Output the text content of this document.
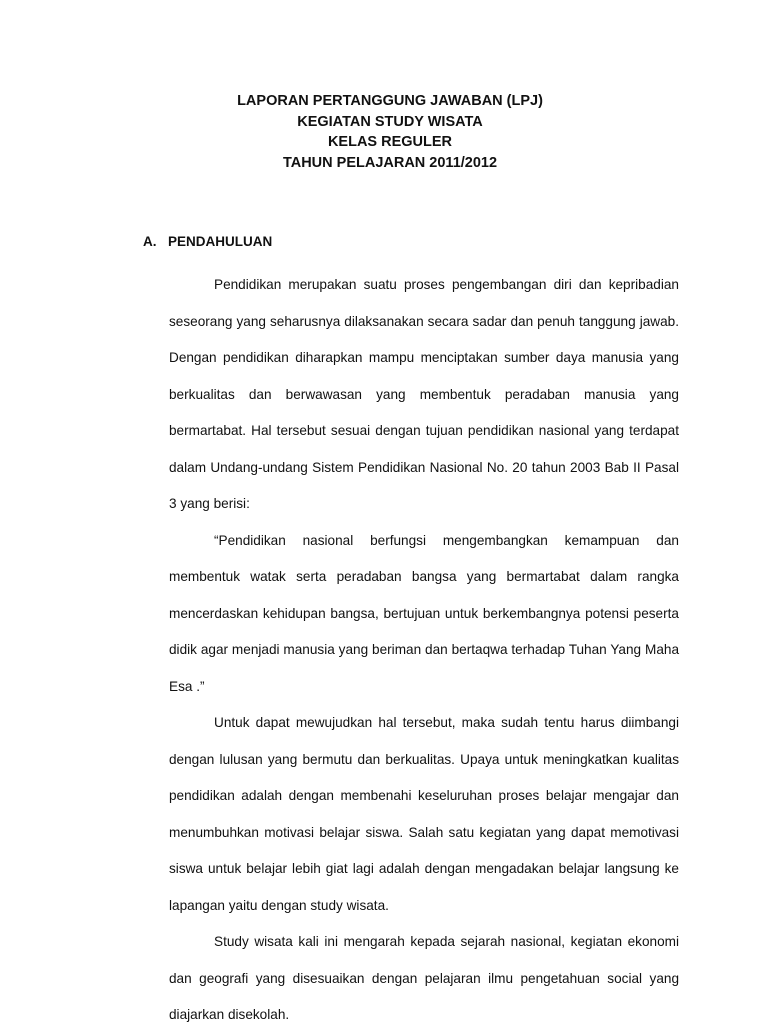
LAPORAN PERTANGGUNG JAWABAN (LPJ)
KEGIATAN STUDY WISATA
KELAS REGULER
TAHUN PELAJARAN 2011/2012
A. PENDAHULUAN

Pendidikan merupakan suatu proses pengembangan diri dan kepribadian seseorang yang seharusnya dilaksanakan secara sadar dan penuh tanggung jawab. Dengan pendidikan diharapkan mampu menciptakan sumber daya manusia yang berkualitas dan berwawasan yang membentuk peradaban manusia yang bermartabat. Hal tersebut sesuai dengan tujuan pendidikan nasional yang terdapat dalam Undang-undang Sistem Pendidikan Nasional No. 20 tahun 2003 Bab II Pasal 3 yang berisi:

“Pendidikan nasional berfungsi mengembangkan kemampuan dan membentuk watak serta peradaban bangsa yang bermartabat dalam rangka mencerdaskan kehidupan bangsa, bertujuan untuk berkembangnya potensi peserta didik agar menjadi manusia yang beriman dan bertaqwa terhadap Tuhan Yang Maha Esa .”

Untuk dapat mewujudkan hal tersebut, maka sudah tentu harus diimbangi dengan lulusan yang bermutu dan berkualitas. Upaya untuk meningkatkan kualitas pendidikan adalah dengan membenahi keseluruhan proses belajar mengajar dan menumbuhkan motivasi belajar siswa. Salah satu kegiatan yang dapat memotivasi siswa untuk belajar lebih giat lagi adalah dengan mengadakan belajar langsung ke lapangan yaitu dengan study wisata.

Study wisata kali ini mengarah kepada sejarah nasional, kegiatan ekonomi dan geografi yang disesuaikan dengan pelajaran ilmu pengetahuan social yang diajarkan disekolah.
